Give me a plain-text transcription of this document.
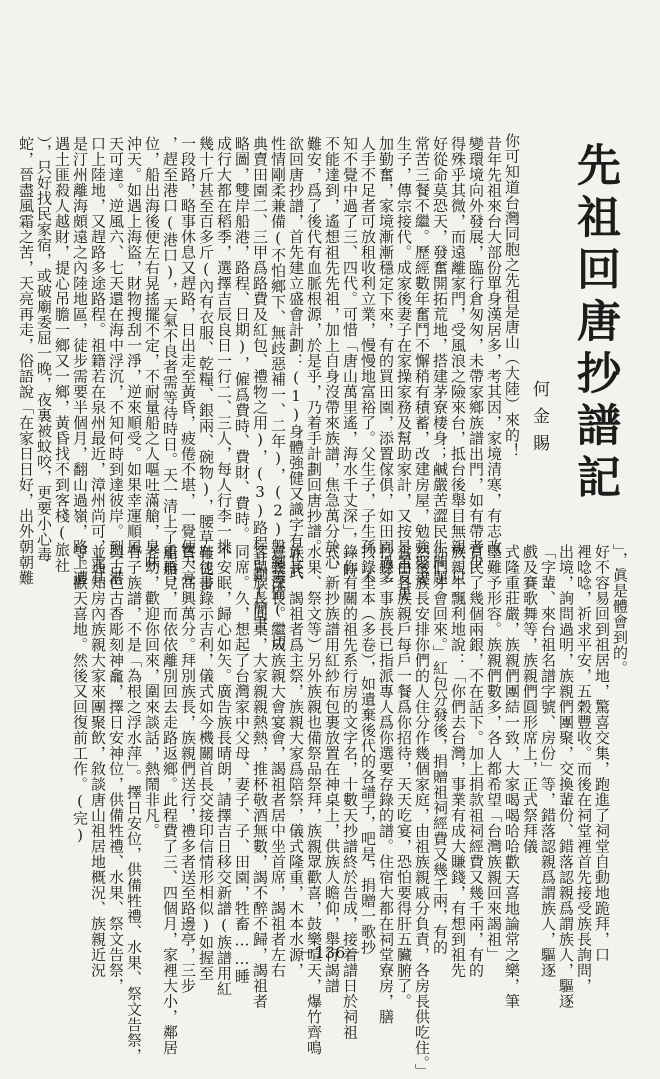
先祖回唐抄譜記
何金賜
你可知道台灣同胞之先祖是唐山（大陸）來的！
昔年先祖來台大部份單身漢居多，考其因，家境清寒，有志改
變環境向外發展，臨行倉匆匆，未帶家鄉族譜出門，如有帶者少
得殊乎其微，而遠離家門，受風浪之險來台，抵台後舉目無親，只
好從命莫恐天，發奮開拓荒地，搭建茅寮棲身；鹹嚴苦澀民生問題
常苦三餐不繼。歷經數年奮鬥不懈稍有積蓄，改建房屋，勉強娶妻
生子，傳宗接代。成家後妻子在家操家務及幫助家計，又按是置買更
加勤奮，家境漸漸穩定下來，有的買田園，添置傢俱，如田園過多
人手不足者可放租收利立業，慢慢地富裕了。父生子，子生孫，不
知不覺中過了三、四代。可惜「唐山萬里遙，海水千丈深」，一時
不能達到，遙想祖先先祖，加上自身沒帶來族譜，焦急萬分於心
難安，爲了後代有血脈根源，於是乎，乃着手計劃回唐抄譜。
欲回唐抄譜，首先建立盛會計劃：(1)身體強健又識字有孔武
性情剛柔兼備(不怕鄉下、無歧惡補一、二年)，(2)盤纏籌備(一切
典賣田園二、三甲爲路費及紅包、禮物之用)，(3)路程計劃(簡畫
略圖，雙岸船港，路程、日期)，僱爲費時、費財、費時。
成行大都在稻季，選擇吉辰良日一行二、三人，每人行李一挑
幾十斤甚至百多斤(內有衣服、乾糧、銀兩、碗物)，腰草鞋徒步
一段路，略事休息又趕路，日出走至黃昏，疲倦不堪，一覺便天亮
，趕至港口(港口)，天氣不良者需等待時日。天一清上了船艙，
位，船出海後便左右晃搖擺不定，不耐量船之人嘔吐滿艙，臭味
沖天。如遇上海盜，財物搜刮一淨，逆來順受。如果幸運順風二
天可達。逆風六、七天還在海中浮沉，不知何時到達彼岸。到了港
口上陸地，又趕路多途路程。祖籍若在泉州最近，漳州尚可，尤其
是汀州離海頗遠之內陸地區，徒步需要半個月，翻山過嶺，路上遭
遇土匪殺人越財，提心吊膽一鄉又一鄉，黃昏找不到客棧(旅社
），只好找民家宿，或破廟委屈一晚，夜裏被蚊咬，更要小心毒
蛇，晉盡風霜之苦，天亮再走，俗語說「在家日日好，出外朝朝難
」，眞是體會到的。
好不容易回到祖居地，驚喜交集，跑進了祠堂自動地跪拜，口
裡唸唸，祈求平安，五穀豐收。而後在祠堂裡首先接受族長詢問，
出境，詢問過明，族親們團聚，交換輩份、錯落認親爲謂族人，驅逐
「字輩、來台祖名譜字號、房份」等，錯落認親爲謂族人，驅逐
戲及賽歌舞等，族親們圓形席上，正式祭拜儀
式隆重莊嚴，族親們團結一致，大家喝喝哈哈歡天喜地論常之樂，筆
墨難予形容。族親們數多，各人都希望「台灣族親回來謁祖」
賞民了幾個兩銀，不在話下。加上捐款祖祠經費又幾千兩，有的
族親牛飄利地說：「你們去台灣，事業有成大賺錢，有想到祖先
你們才會回來。」紅包分發後，捐贈祖祠經費又幾千兩，有的
然後族長安排你們的人住分作幾個家庭，由祖族親戚分負責，各房長供吃住。」
食由各族親戶每戶一餐爲你招待，天天吃宴，恐怕要得肝五臟腑了。
抄錄一事族長已指派專人爲你選要存錄的譜。住宿大都在祠堂寮房，膳
抄錄全本（多卷），如遺棄後代的各譜子，吧是，捐贈一歌抄
錄你有關的祖先系行房的文字名，十數天抄譜終於告成，接着譜日於祠祖
式，新抄族譜用紅紗布包裹放置在神桌上，供族人瞻仰，舉行謁譜
水果、祭文等）另外族親也備祭品祭拜，族親眾歡喜，鼓樂喧天，爆竹齊鳴
族長、謁祖者爲主祭，族親大家爲陪祭，儀式隆重，木本水源，
意義深長。繼成族親大會宴會，謁祖者居中坐首席，謁祖者左右
客與族長同桌，大家親親熱熱，推杯敬酒無數，謁不醉不歸，謁祖者
同席。久，想起了台灣家中父母、妻子、子、田園，牲畜……睡
不安眠，歸心如矢。廣告族長晴朗，請擇吉日移交新譜(族譜用紅
布包書錄示吉利，儀式如今機關首長交接印信情形相似)如握至
寶，高興萬分。拜別族長，族親們送行，禮多者送至路邊亭，三步
重再見，而依依離別回去走路返鄉。此程費了三、四個月，家裡大小，鄰居
老幼，歡迎你回來，圍來談話，熱鬧非凡。
有了族譜，不是「為根之浮水萍」。擇日安位，供備牲禮、水果、祭文告祭，
與古色古香彫刻神龕，擇日安神位，供備牲禮、水果、祭文告祭，
並通知房內族親大家來團聚飲，敘談唐山祖居地概況、族親近況
等。歡天喜地。然後又回復前工作。(完)
－136－
